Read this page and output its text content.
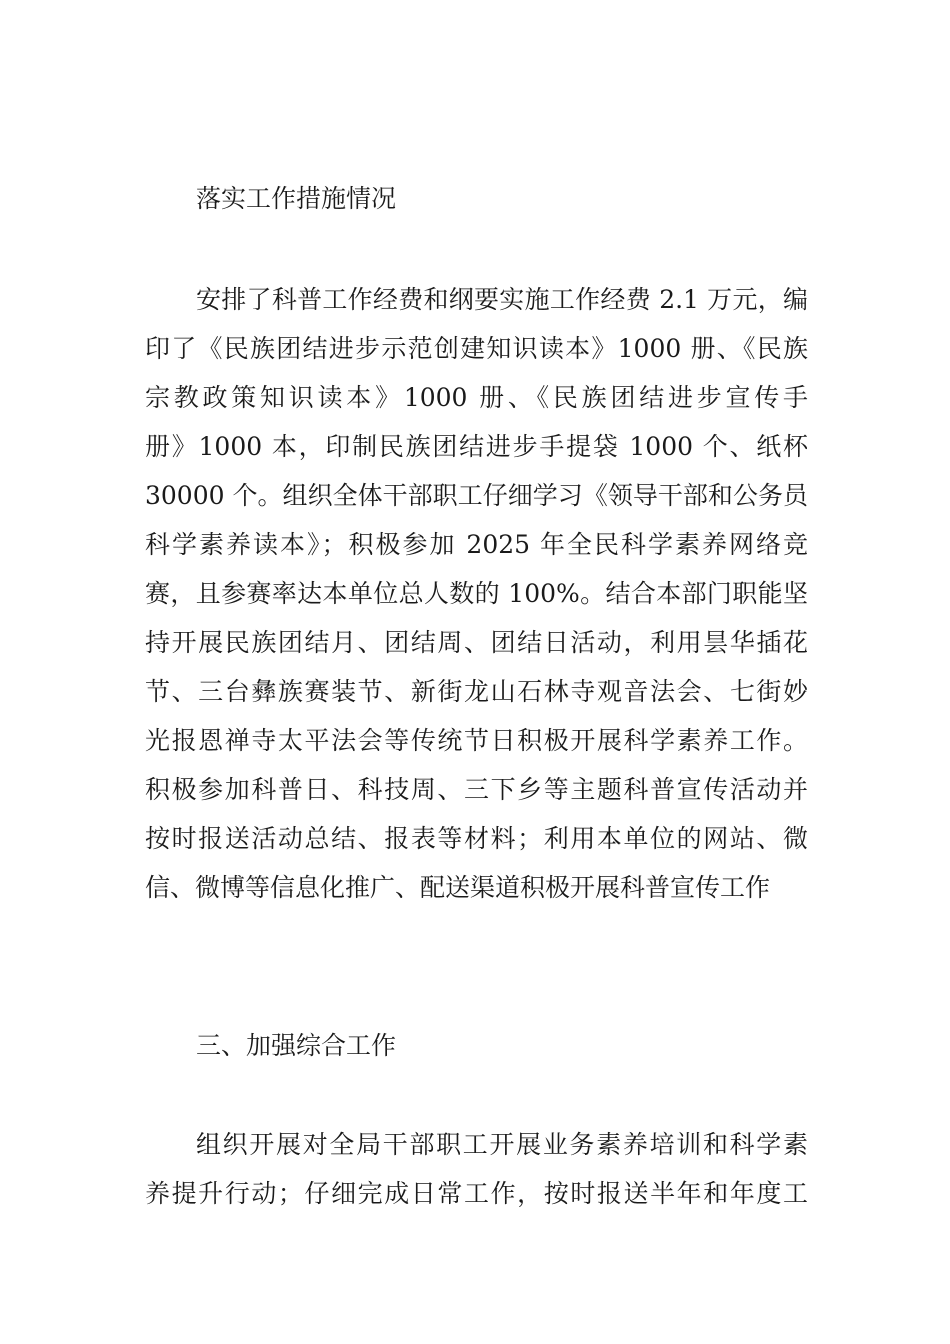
落实工作措施情况
安排了科普工作经费和纲要实施工作经费 2.1 万元，编
印了《民族团结进步示范创建知识读本》1000 册、《民族
宗教政策知识读本》1000 册、《民族团结进步宣传手
册》1000 本，印制民族团结进步手提袋 1000 个、纸杯
30000 个。组织全体干部职工仔细学习《领导干部和公务员
科学素养读本》；积极参加 2025 年全民科学素养网络竞
赛，且参赛率达本单位总人数的 100%。结合本部门职能坚
持开展民族团结月、团结周、团结日活动，利用昙华插花
节、三台彝族赛装节、新街龙山石林寺观音法会、七街妙
光报恩禅寺太平法会等传统节日积极开展科学素养工作。
积极参加科普日、科技周、三下乡等主题科普宣传活动并
按时报送活动总结、报表等材料；利用本单位的网站、微
信、微博等信息化推广、配送渠道积极开展科普宣传工作
三、加强综合工作
组织开展对全局干部职工开展业务素养培训和科学素
养提升行动；仔细完成日常工作，按时报送半年和年度工
